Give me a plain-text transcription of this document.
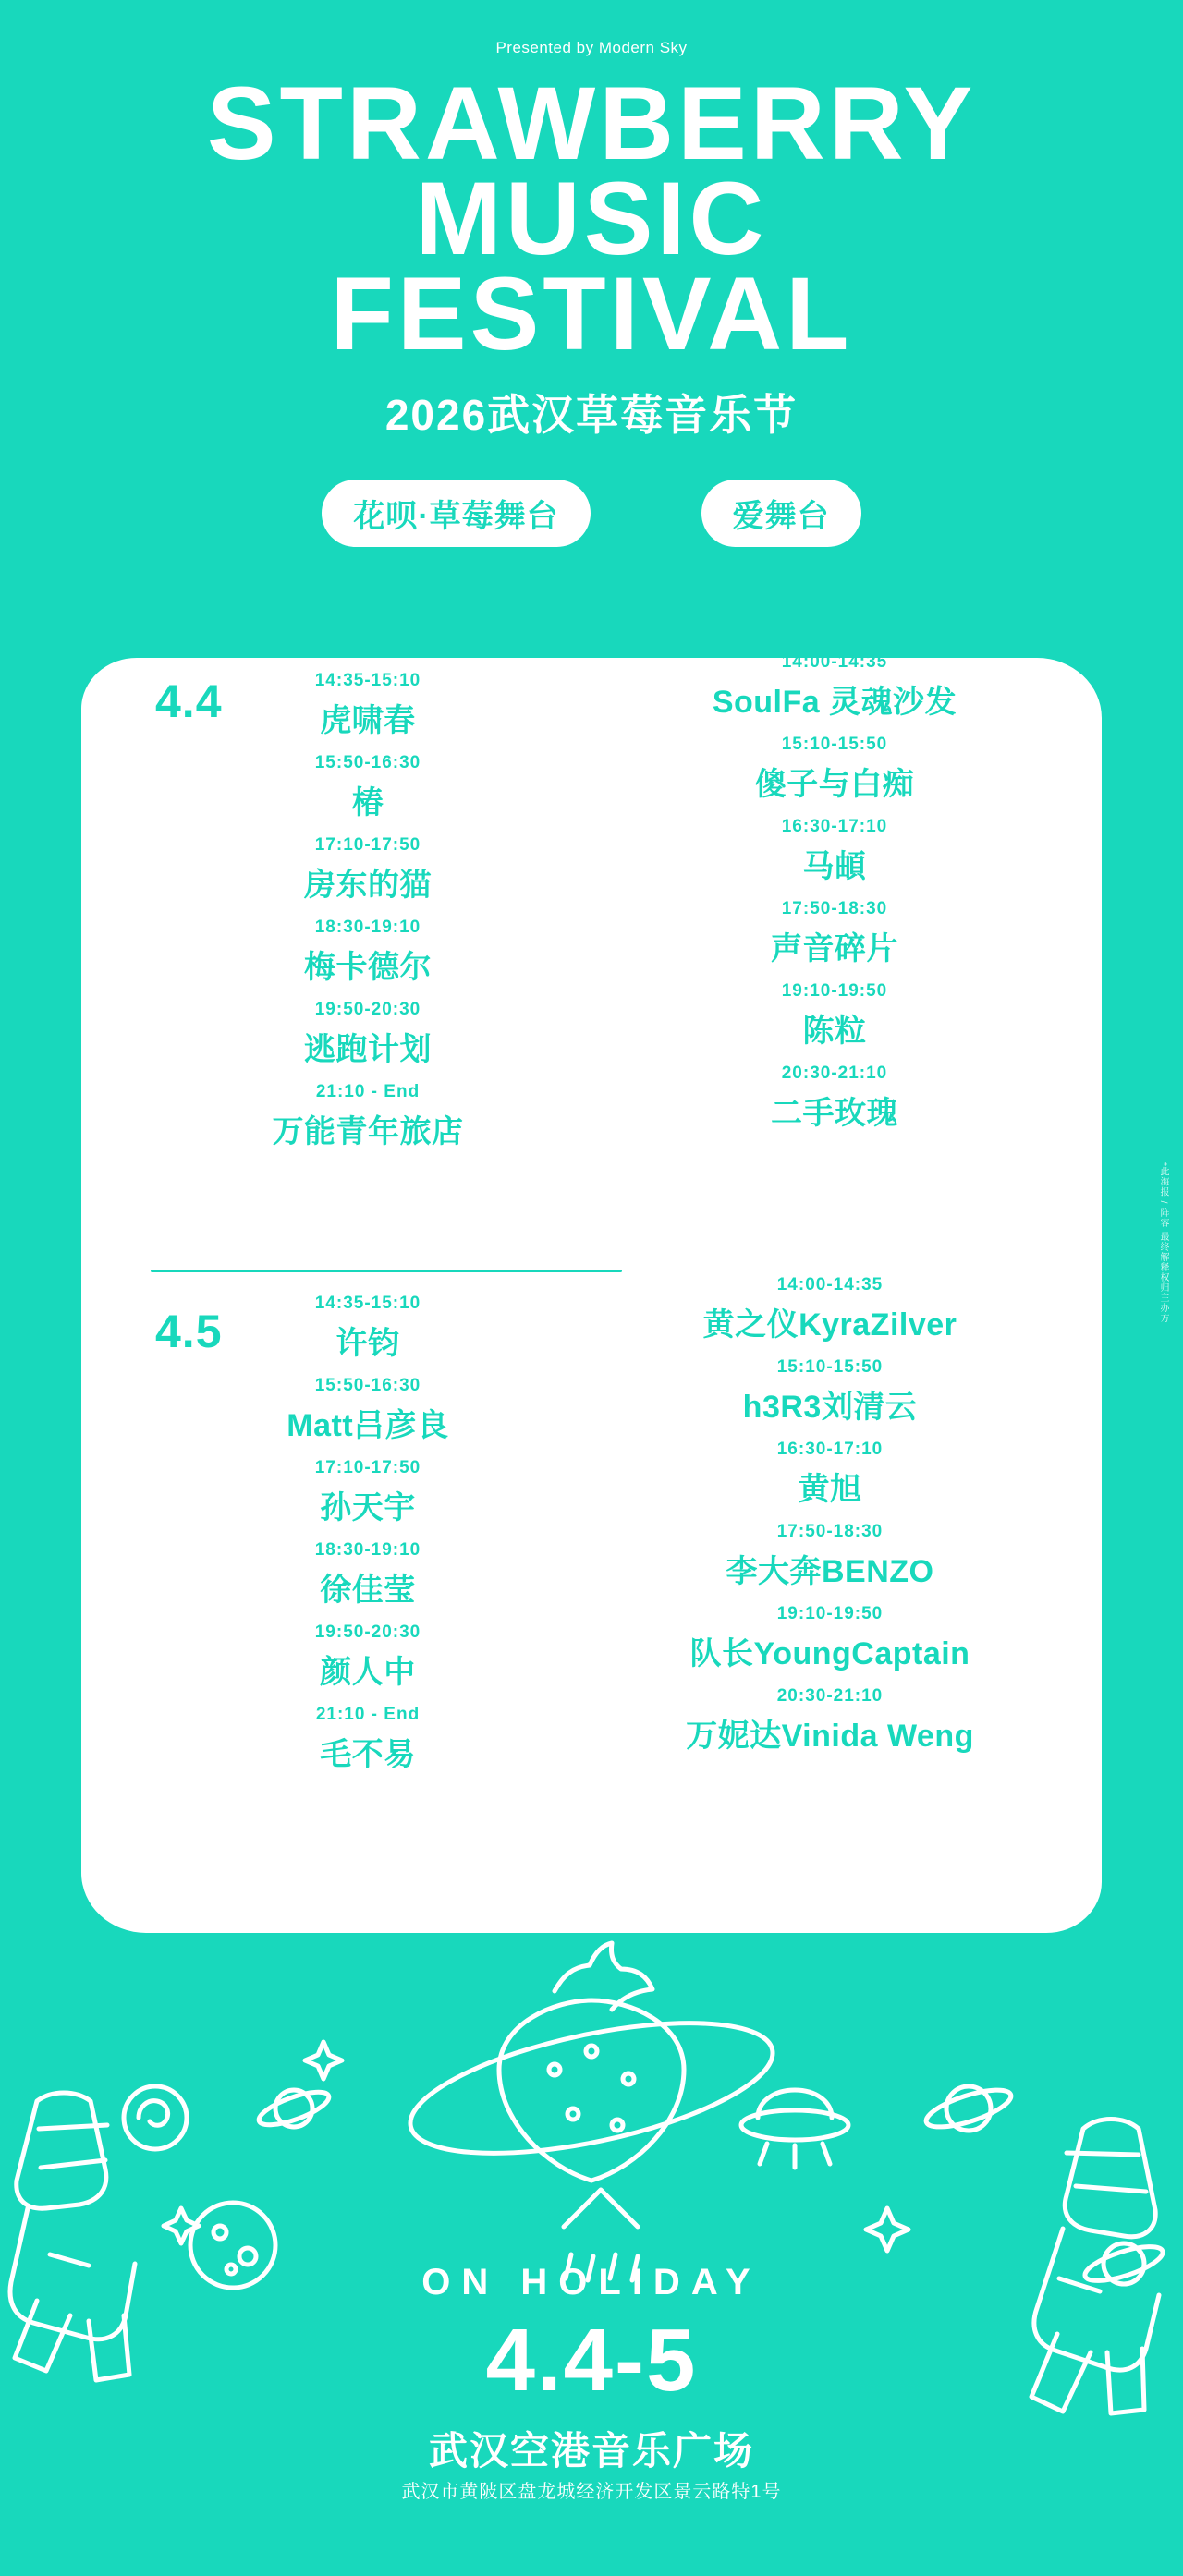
Presented by Modern Sky
STRAWBERRY
MUSIC
FESTIVAL
2026武汉草莓音乐节
花呗·草莓舞台	爱舞台
4.4	14:35-15:10
虎啸春
15:50-16:30
椿
17:10-17:50
房东的猫
18:30-19:10
梅卡德尔
19:50-20:30
逃跑计划
21:10 - End
万能青年旅店
14:00-14:35
SoulFa 灵魂沙发
15:10-15:50
傻子与白痴
16:30-17:10
马頔
17:50-18:30
声音碎片
19:10-19:50
陈粒
20:30-21:10
二手玫瑰
4.5
14:35-15:10
许钧
15:50-16:30
Matt吕彦良
17:10-17:50
孙天宇
18:30-19:10
徐佳莹
19:50-20:30
颜人中
21:10 - End
毛不易
14:00-14:35
黄之仪KyraZilver
15:10-15:50
h3R3刘清云
16:30-17:10
黄旭
17:50-18:30
李大奔BENZO
19:10-19:50
队长YoungCaptain
20:30-21:10
万妮达Vinida Weng
*此海报 / 阵容 最终解释权归主办方
ON HOLIDAY
4.4-5
武汉空港音乐广场
武汉市黄陂区盘龙城经济开发区景云路特1号
